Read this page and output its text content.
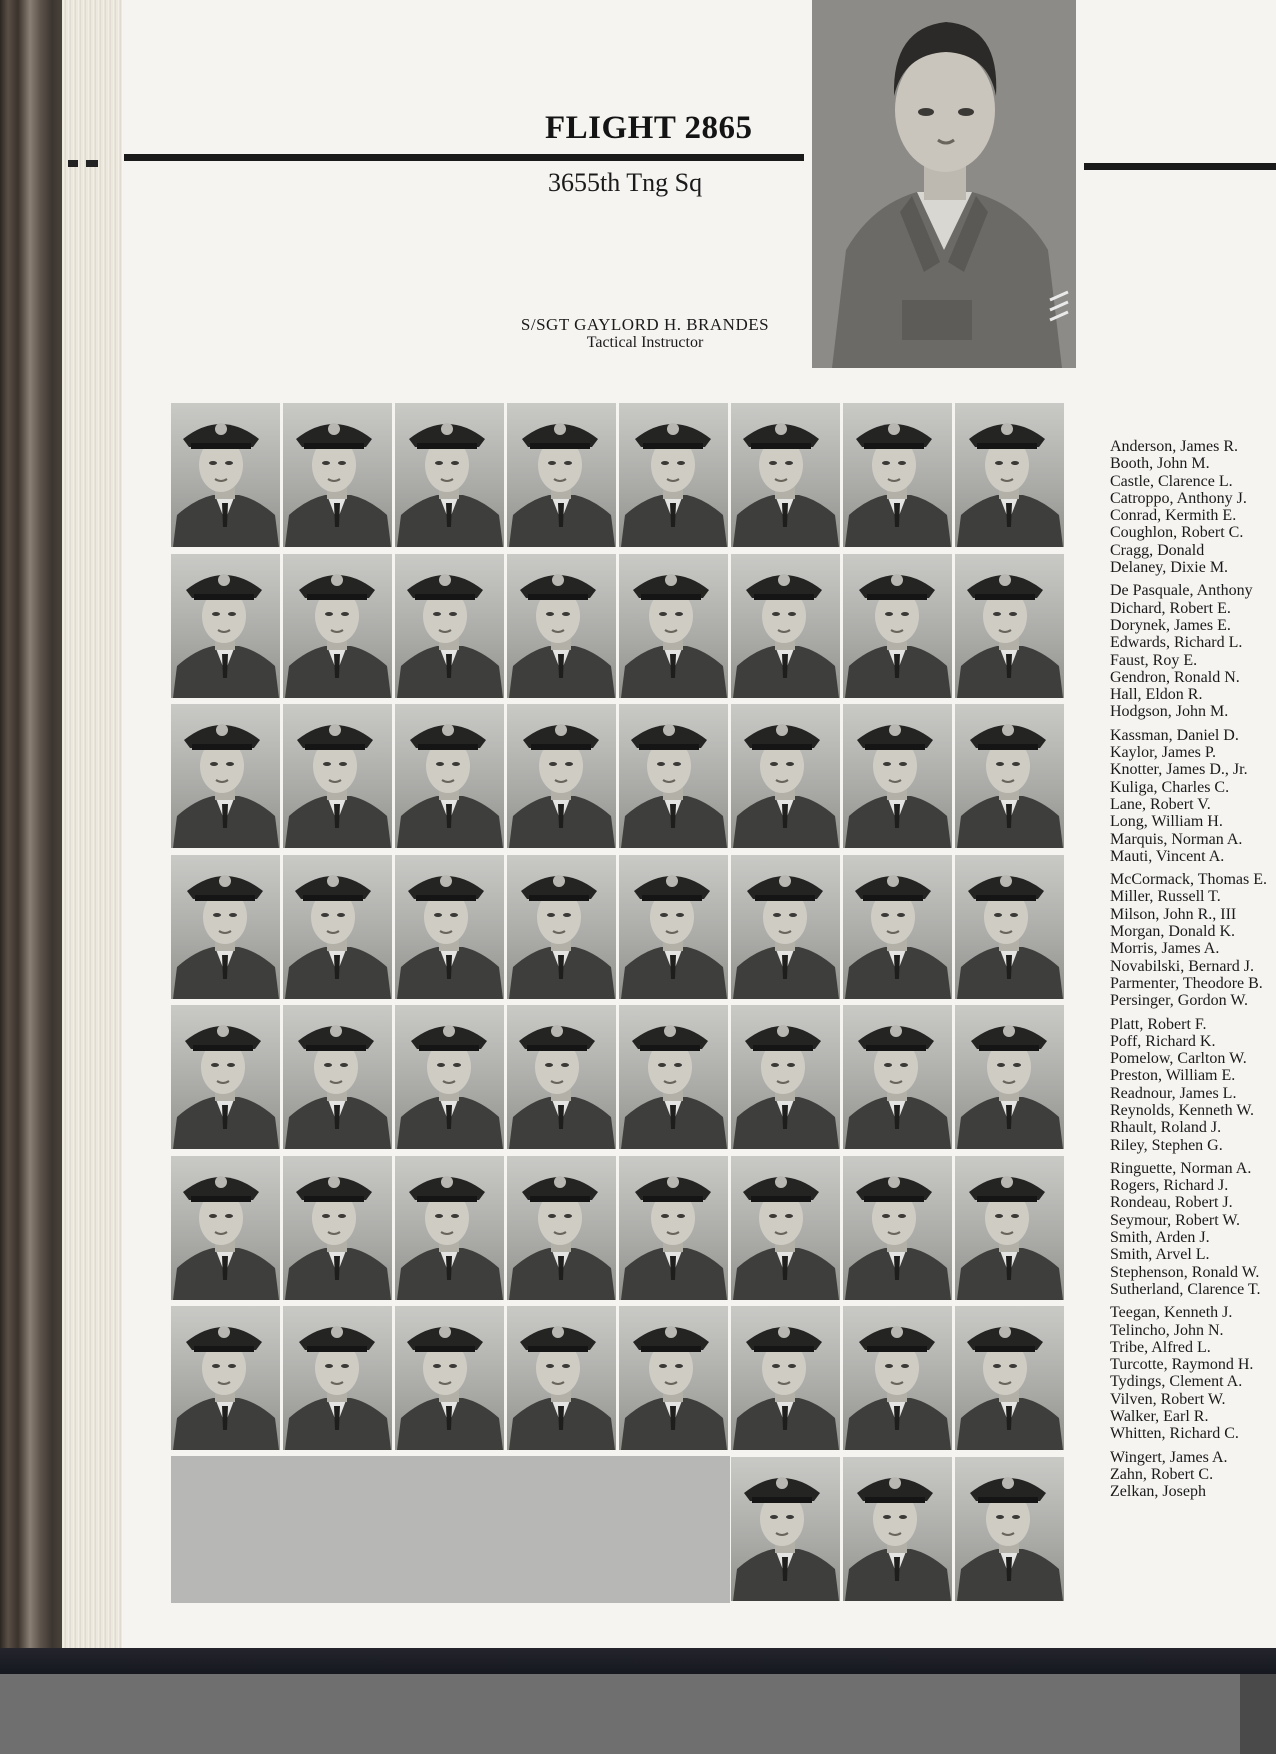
FLIGHT 2865
3655th Tng Sq
S/SGT GAYLORD H. BRANDES
Tactical Instructor
Anderson, James R.
Booth, John M.
Castle, Clarence L.
Catroppo, Anthony J.
Conrad, Kermith E.
Coughlon, Robert C.
Cragg, Donald
Delaney, Dixie M.
De Pasquale, Anthony
Dichard, Robert E.
Dorynek, James E.
Edwards, Richard L.
Faust, Roy E.
Gendron, Ronald N.
Hall, Eldon R.
Hodgson, John M.
Kassman, Daniel D.
Kaylor, James P.
Knotter, James D., Jr.
Kuliga, Charles C.
Lane, Robert V.
Long, William H.
Marquis, Norman A.
Mauti, Vincent A.
McCormack, Thomas E.
Miller, Russell T.
Milson, John R., III
Morgan, Donald K.
Morris, James A.
Novabilski, Bernard J.
Parmenter, Theodore B.
Persinger, Gordon W.
Platt, Robert F.
Poff, Richard K.
Pomelow, Carlton W.
Preston, William E.
Readnour, James L.
Reynolds, Kenneth W.
Rhault, Roland J.
Riley, Stephen G.
Ringuette, Norman A.
Rogers, Richard J.
Rondeau, Robert J.
Seymour, Robert W.
Smith, Arden J.
Smith, Arvel L.
Stephenson, Ronald W.
Sutherland, Clarence T.
Teegan, Kenneth J.
Telincho, John N.
Tribe, Alfred L.
Turcotte, Raymond H.
Tydings, Clement A.
Vilven, Robert W.
Walker, Earl R.
Whitten, Richard C.
Wingert, James A.
Zahn, Robert C.
Zelkan, Joseph
